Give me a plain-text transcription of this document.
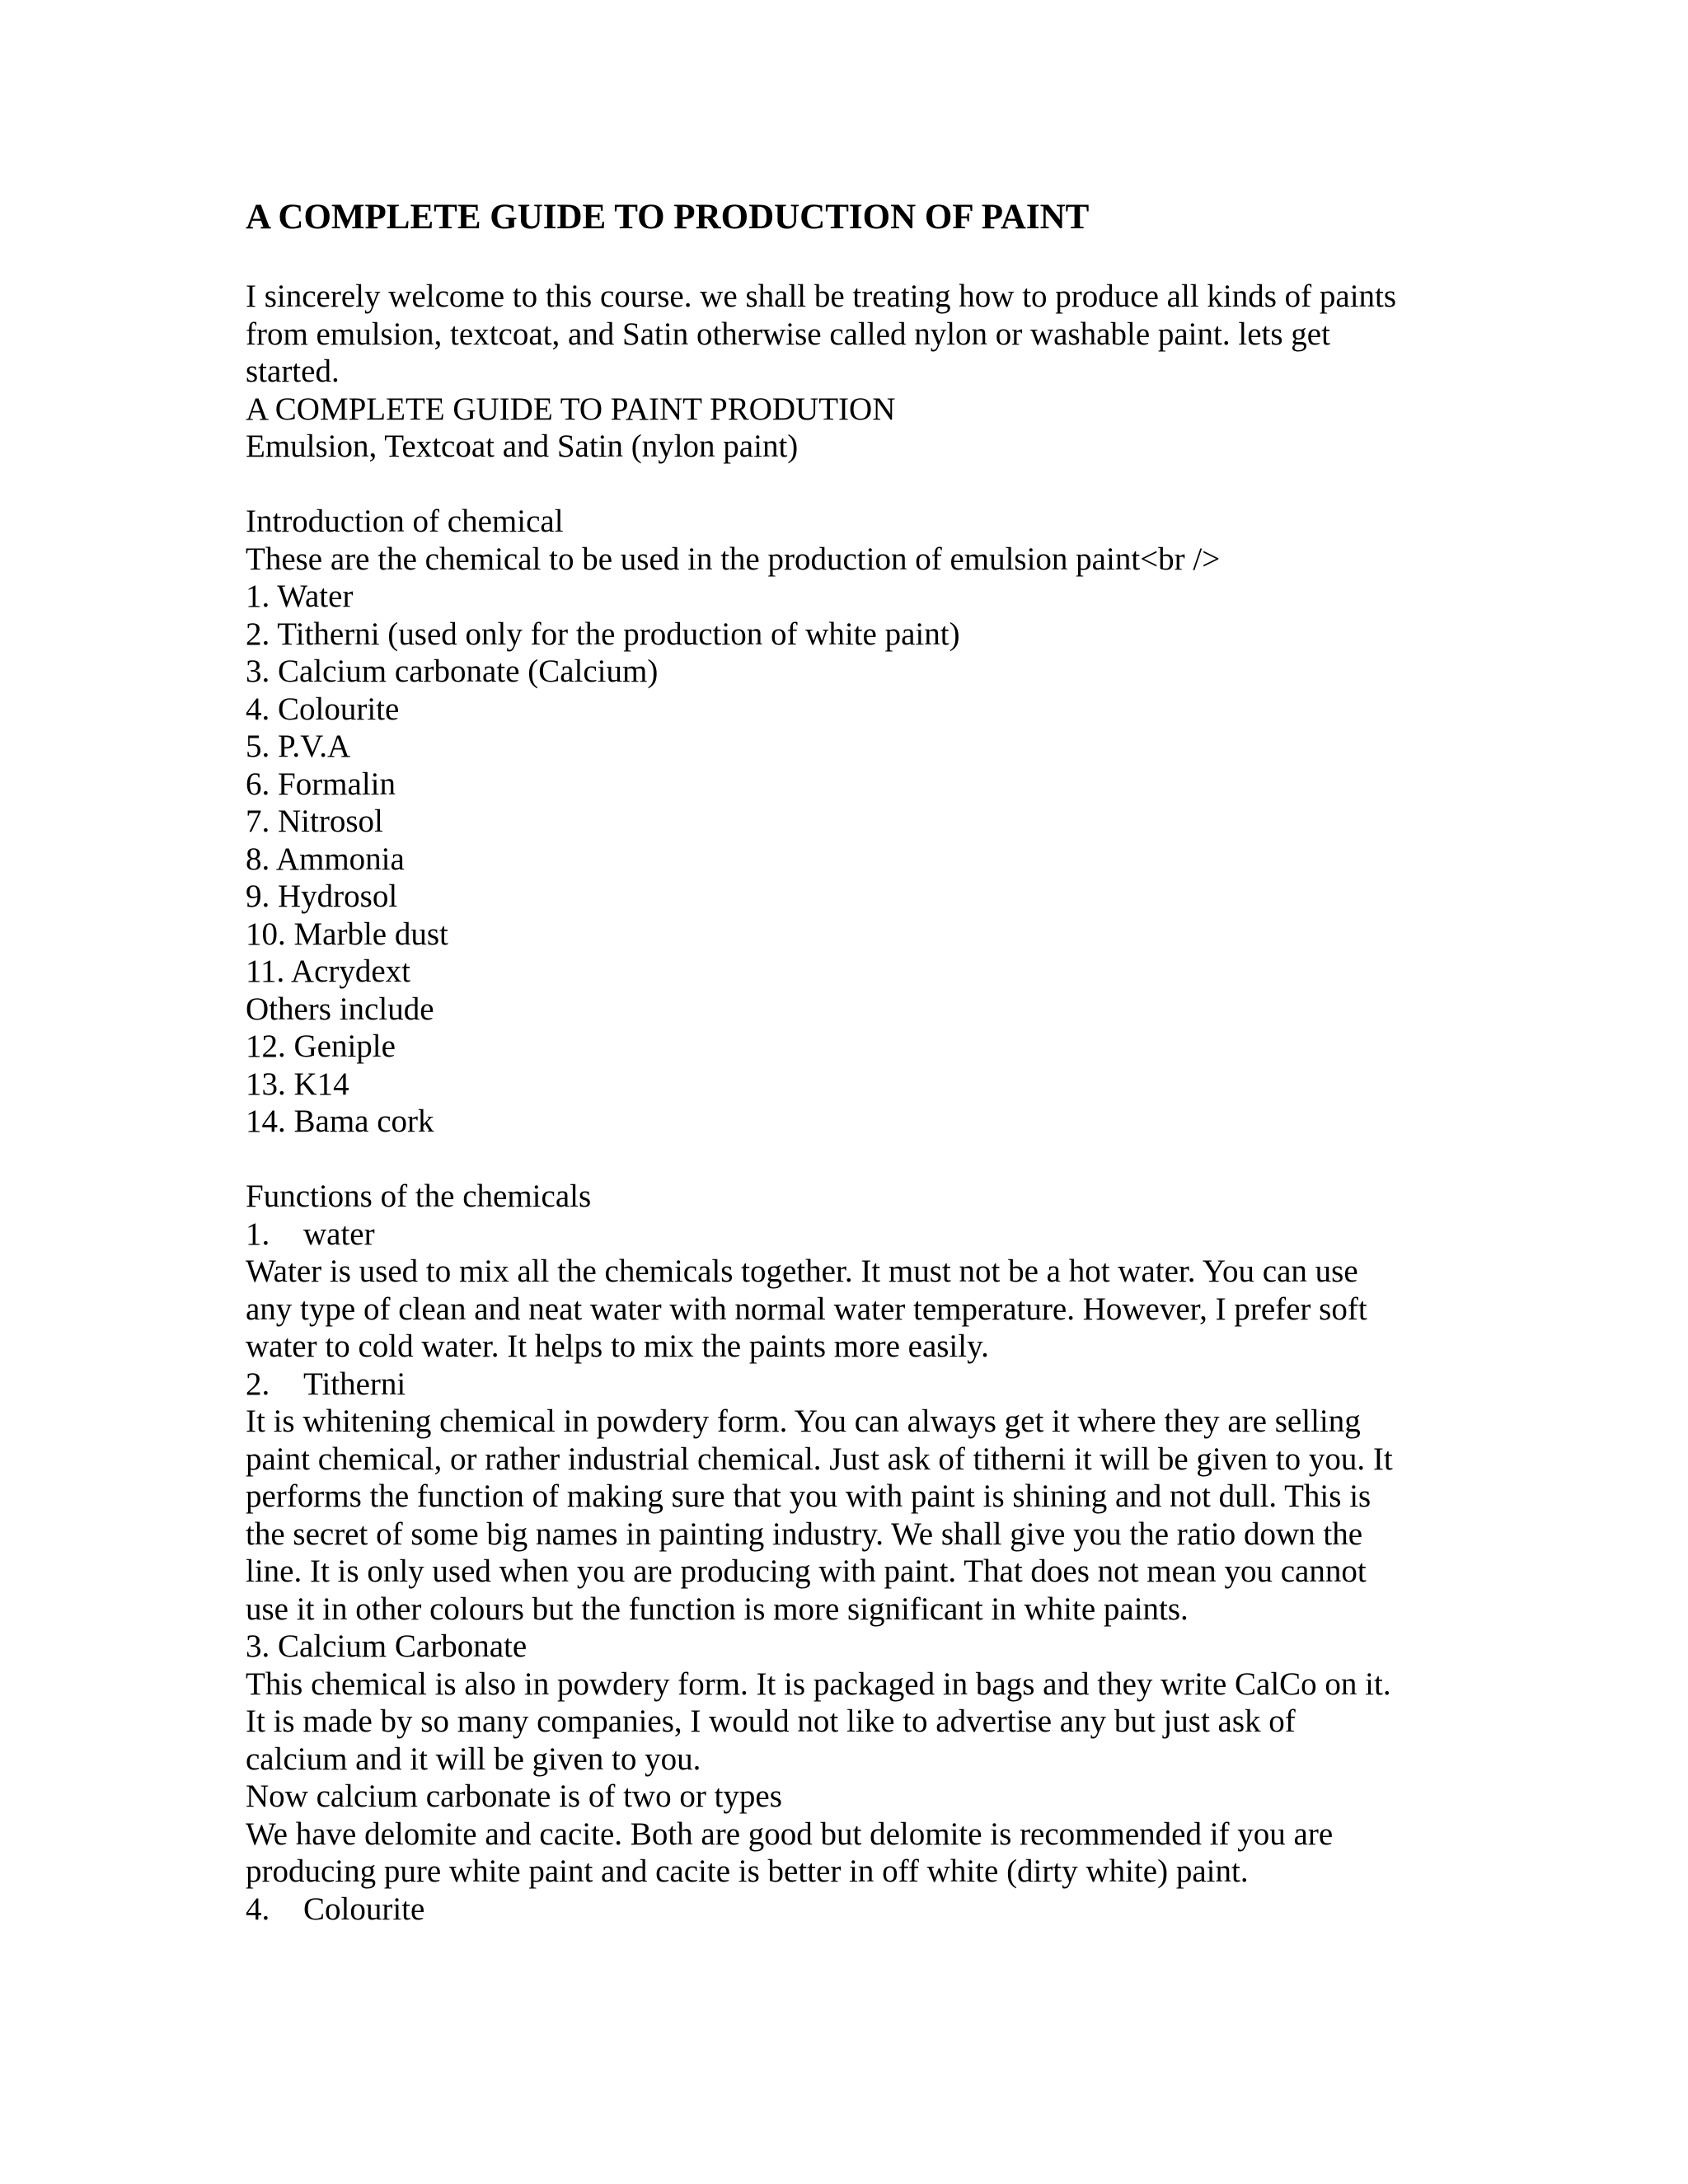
A COMPLETE GUIDE TO PRODUCTION OF PAINT
I sincerely welcome to this course. we shall be treating how to produce all kinds of paints
from emulsion, textcoat, and Satin otherwise called nylon or washable paint. lets get
started.
A COMPLETE GUIDE TO PAINT PRODUTION
Emulsion, Textcoat and Satin (nylon paint)
Introduction of chemical
These are the chemical to be used in the production of emulsion paint<br />
1. Water
2. Titherni (used only for the production of white paint)
3. Calcium carbonate (Calcium)
4. Colourite
5. P.V.A
6. Formalin
7. Nitrosol
8. Ammonia
9. Hydrosol
10. Marble dust
11. Acrydext
Others include
12. Geniple
13. K14
14. Bama cork
Functions of the chemicals
1. water
Water is used to mix all the chemicals together. It must not be a hot water. You can use
any type of clean and neat water with normal water temperature. However, I prefer soft
water to cold water. It helps to mix the paints more easily.
2. Titherni
It is whitening chemical in powdery form. You can always get it where they are selling
paint chemical, or rather industrial chemical. Just ask of titherni it will be given to you. It
performs the function of making sure that you with paint is shining and not dull. This is
the secret of some big names in painting industry. We shall give you the ratio down the
line. It is only used when you are producing with paint. That does not mean you cannot
use it in other colours but the function is more significant in white paints.
3. Calcium Carbonate
This chemical is also in powdery form. It is packaged in bags and they write CalCo on it.
It is made by so many companies, I would not like to advertise any but just ask of
calcium and it will be given to you.
Now calcium carbonate is of two or types
We have delomite and cacite. Both are good but delomite is recommended if you are
producing pure white paint and cacite is better in off white (dirty white) paint.
4. Colourite
